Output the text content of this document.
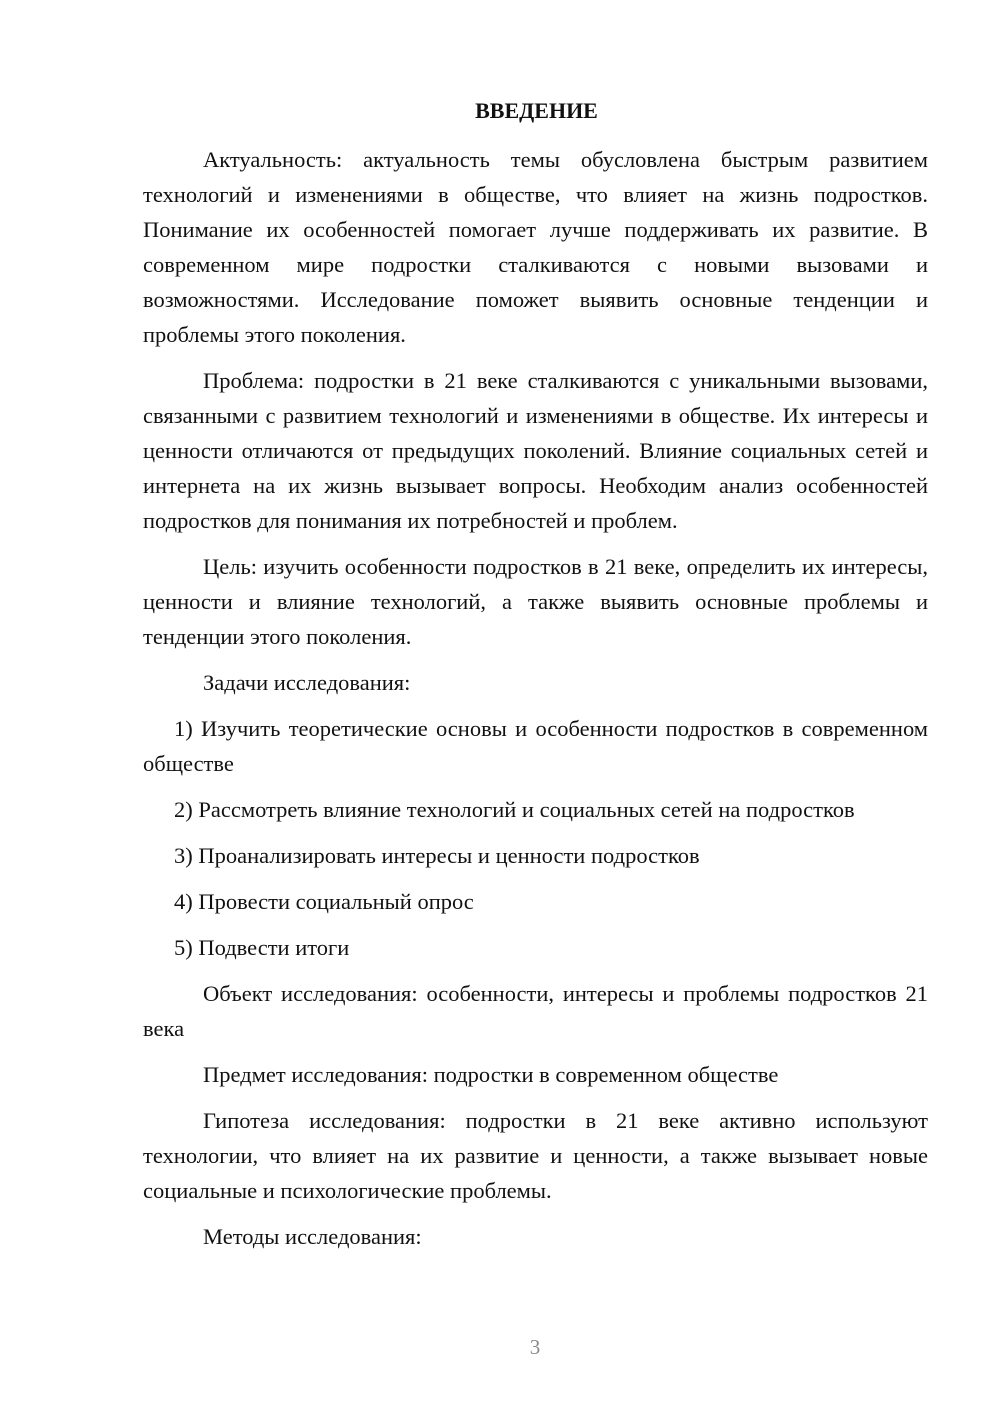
ВВЕДЕНИЕ

Актуальность: актуальность темы обусловлена быстрым развитием технологий и изменениями в обществе, что влияет на жизнь подростков. Понимание их особенностей помогает лучше поддерживать их развитие. В современном мире подростки сталкиваются с новыми вызовами и возможностями. Исследование поможет выявить основные тенденции и проблемы этого поколения.

Проблема: подростки в 21 веке сталкиваются с уникальными вызовами, связанными с развитием технологий и изменениями в обществе. Их интересы и ценности отличаются от предыдущих поколений. Влияние социальных сетей и интернета на их жизнь вызывает вопросы. Необходим анализ особенностей подростков для понимания их потребностей и проблем.

Цель: изучить особенности подростков в 21 веке, определить их интересы, ценности и влияние технологий, а также выявить основные проблемы и тенденции этого поколения.

Задачи исследования:

1) Изучить теоретические основы и особенности подростков в современном обществе

2) Рассмотреть влияние технологий и социальных сетей на подростков

3) Проанализировать интересы и ценности подростков

4) Провести социальный опрос

5) Подвести итоги

Объект исследования: особенности, интересы и проблемы подростков 21 века

Предмет исследования: подростки в современном обществе

Гипотеза исследования: подростки в 21 веке активно используют технологии, что влияет на их развитие и ценности, а также вызывает новые социальные и психологические проблемы.

Методы исследования:

3
